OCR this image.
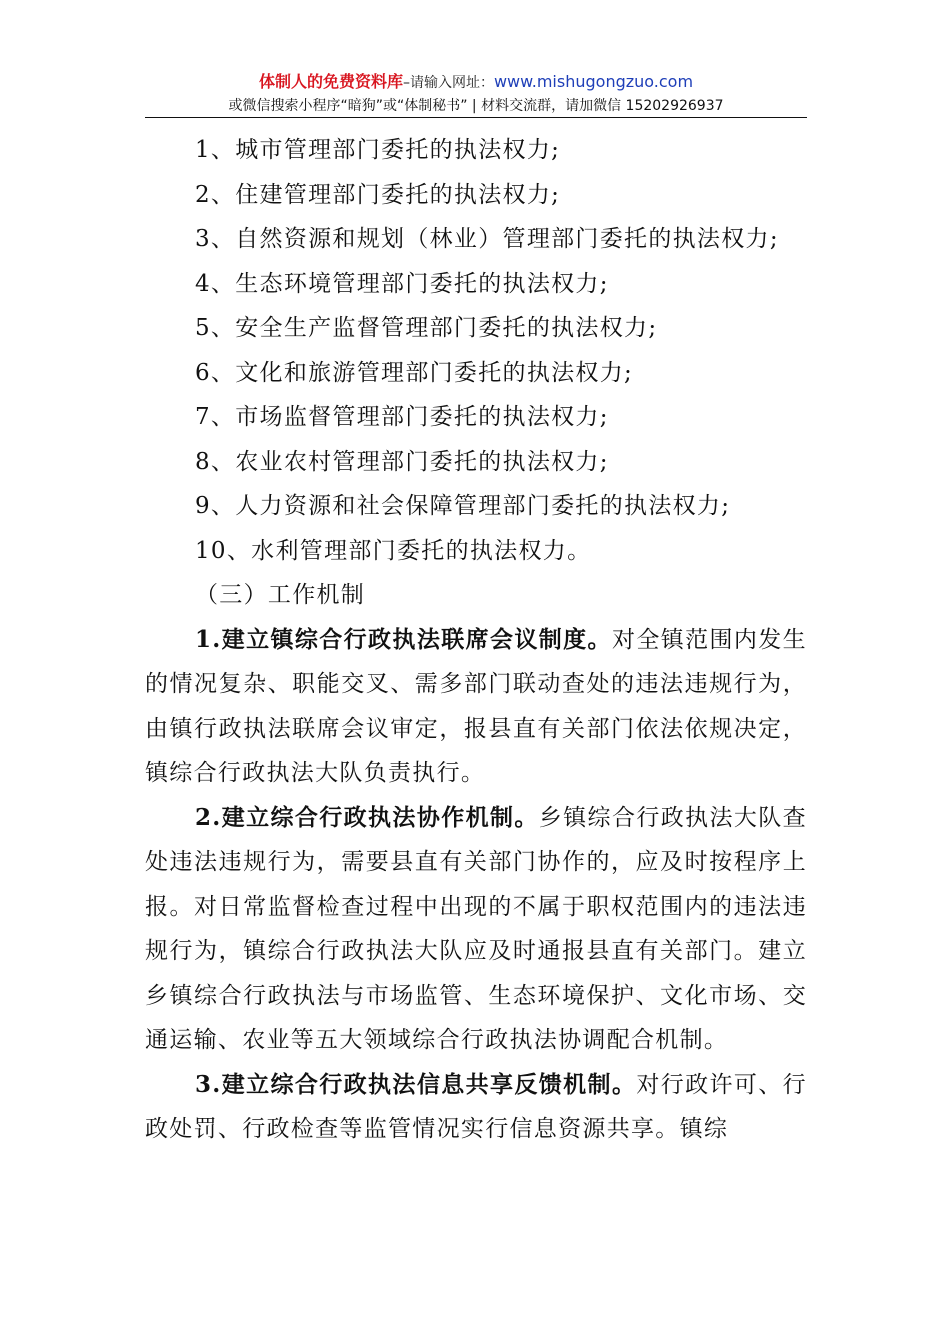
体制人的免费资料库–请输入网址：www.mishugongzuo.com
或微信搜索小程序“暗狗”或“体制秘书” | 材料交流群，请加微信 15202926937
1、城市管理部门委托的执法权力;
2、住建管理部门委托的执法权力;
3、自然资源和规划（林业）管理部门委托的执法权力;
4、生态环境管理部门委托的执法权力;
5、安全生产监督管理部门委托的执法权力;
6、文化和旅游管理部门委托的执法权力;
7、市场监督管理部门委托的执法权力;
8、农业农村管理部门委托的执法权力;
9、人力资源和社会保障管理部门委托的执法权力;
10、水利管理部门委托的执法权力。
（三）工作机制

1.建立镇综合行政执法联席会议制度。对全镇范围内发生的情况复杂、职能交叉、需多部门联动查处的违法违规行为，由镇行政执法联席会议审定，报县直有关部门依法依规决定，镇综合行政执法大队负责执行。

2.建立综合行政执法协作机制。乡镇综合行政执法大队查处违法违规行为，需要县直有关部门协作的，应及时按程序上报。对日常监督检查过程中出现的不属于职权范围内的违法违规行为，镇综合行政执法大队应及时通报县直有关部门。建立乡镇综合行政执法与市场监管、生态环境保护、文化市场、交通运输、农业等五大领域综合行政执法协调配合机制。

3.建立综合行政执法信息共享反馈机制。对行政许可、行政处罚、行政检查等监管情况实行信息资源共享。镇综
